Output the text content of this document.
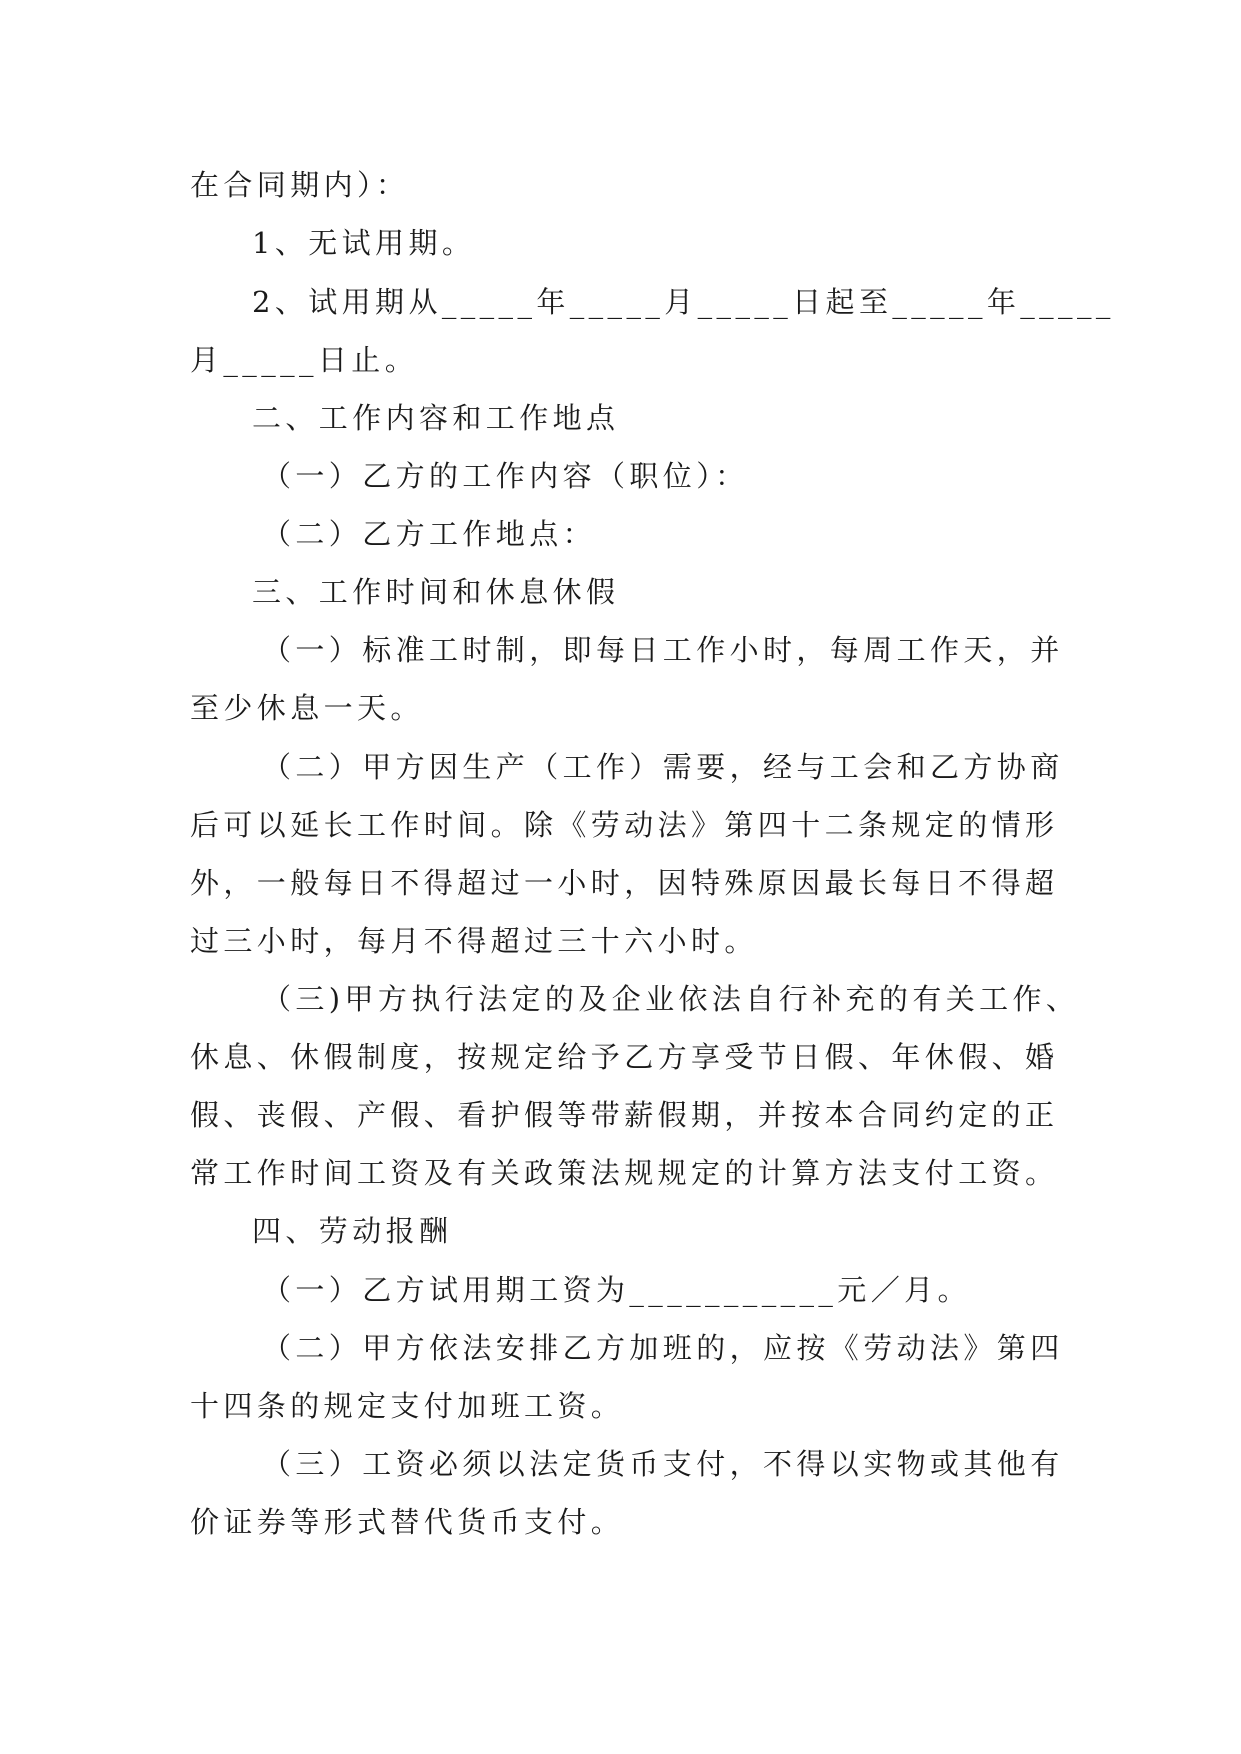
在合同期内）：
1、无试用期。
2、试用期从_____年_____月_____日起至_____年_____
月_____日止。
二、工作内容和工作地点
（一）乙方的工作内容（职位）：
（二）乙方工作地点：
三、工作时间和休息休假
（一）标准工时制，即每日工作小时，每周工作天，并
至少休息一天。
（二）甲方因生产（工作）需要，经与工会和乙方协商
后可以延长工作时间。除《劳动法》第四十二条规定的情形
外，一般每日不得超过一小时，因特殊原因最长每日不得超
过三小时，每月不得超过三十六小时。
（三)甲方执行法定的及企业依法自行补充的有关工作、
休息、休假制度，按规定给予乙方享受节日假、年休假、婚
假、丧假、产假、看护假等带薪假期，并按本合同约定的正
常工作时间工资及有关政策法规规定的计算方法支付工资。
四、劳动报酬
（一）乙方试用期工资为___________元／月。
（二）甲方依法安排乙方加班的，应按《劳动法》第四
十四条的规定支付加班工资。
（三）工资必须以法定货币支付，不得以实物或其他有
价证券等形式替代货币支付。
